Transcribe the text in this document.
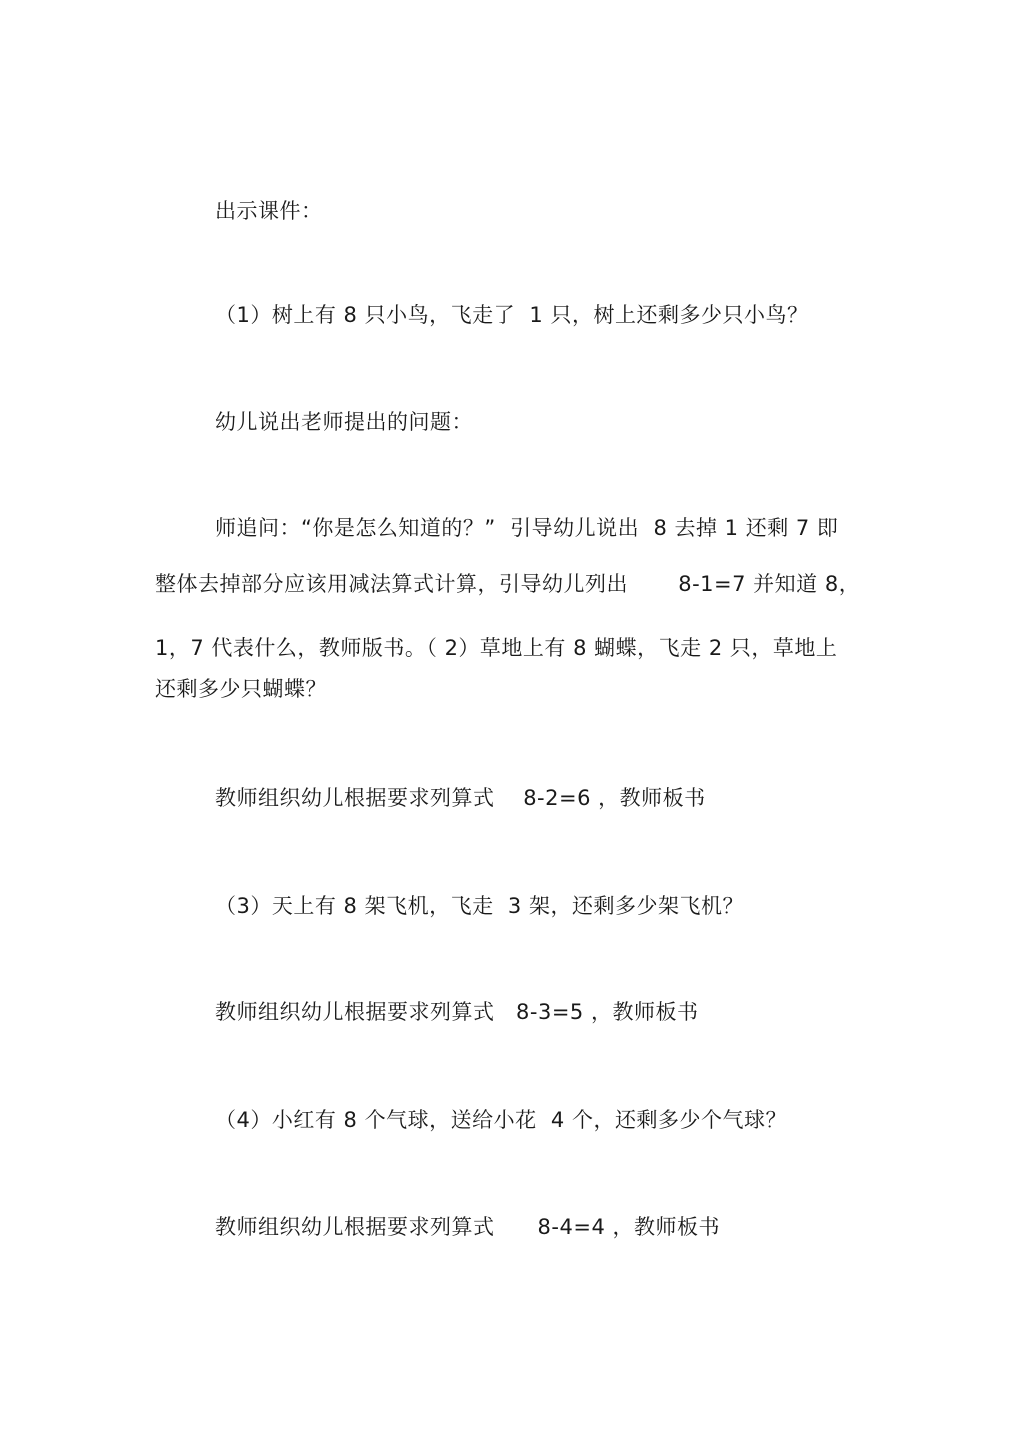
出示课件：
（1）树上有 8 只小鸟，飞走了  1 只，树上还剩多少只小鸟？
幼儿说出老师提出的问题：
师追问：“你是怎么知道的？”  引导幼儿说出  8 去掉 1 还剩 7 即
整体去掉部分应该用减法算式计算，引导幼儿列出       8-1=7 并知道 8，
1，7 代表什么，教师版书。（ 2）草地上有 8 蝴蝶，飞走 2 只，草地上
还剩多少只蝴蝶？
教师组织幼儿根据要求列算式    8-2=6 ，教师板书
（3）天上有 8 架飞机，飞走  3 架，还剩多少架飞机？
教师组织幼儿根据要求列算式   8-3=5 ，教师板书
（4）小红有 8 个气球，送给小花  4 个，还剩多少个气球？
教师组织幼儿根据要求列算式      8-4=4 ，教师板书
